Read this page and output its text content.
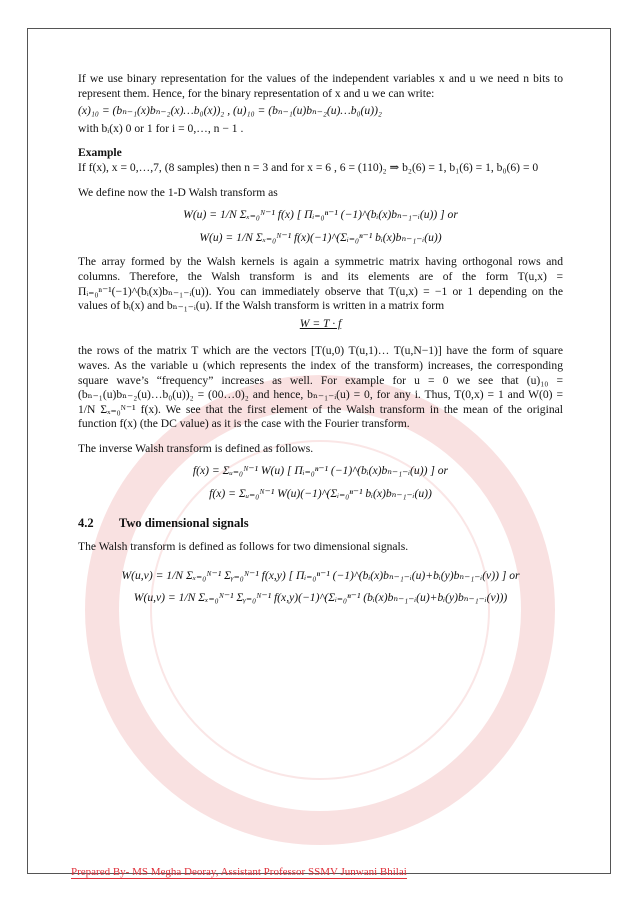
If we use binary representation for the values of the independent variables x and u we need n bits to represent them. Hence, for the binary representation of x and u we can write:

(x)₁₀ = (bₙ₋₁(x)bₙ₋₂(x)…b₀(x))₂ , (u)₁₀ = (bₙ₋₁(u)bₙ₋₂(u)…b₀(u))₂

with bᵢ(x) 0 or 1 for i = 0,…, n − 1 .

Example

If f(x), x = 0,…,7, (8 samples) then n = 3 and for x = 6 , 6 = (110)₂ ⇒ b₂(6) = 1, b₁(6) = 1, b₀(6) = 0

We define now the 1-D Walsh transform as

W(u) = 1/N Σₓ₌₀ᴺ⁻¹ f(x) [ Πᵢ₌₀ⁿ⁻¹ (−1)^(bᵢ(x)bₙ₋₁₋ᵢ(u)) ] or

W(u) = 1/N Σₓ₌₀ᴺ⁻¹ f(x)(−1)^(Σᵢ₌₀ⁿ⁻¹ bᵢ(x)bₙ₋₁₋ᵢ(u))

The array formed by the Walsh kernels is again a symmetric matrix having orthogonal rows and columns. Therefore, the Walsh transform is and its elements are of the form T(u,x) = Πᵢ₌₀ⁿ⁻¹(−1)^(bᵢ(x)bₙ₋₁₋ᵢ(u)). You can immediately observe that T(u,x) = −1 or 1 depending on the values of bᵢ(x) and bₙ₋₁₋ᵢ(u). If the Walsh transform is written in a matrix form

W = T · f

the rows of the matrix T which are the vectors [T(u,0) T(u,1)… T(u,N−1)] have the form of square waves. As the variable u (which represents the index of the transform) increases, the corresponding square wave’s “frequency” increases as well. For example for u = 0 we see that (u)₁₀ = (bₙ₋₁(u)bₙ₋₂(u)…b₀(u))₂ = (00…0)₂ and hence, bₙ₋₁₋ᵢ(u) = 0, for any i. Thus, T(0,x) = 1 and W(0) = 1/N Σₓ₌₀ᴺ⁻¹ f(x). We see that the first element of the Walsh transform in the mean of the original function f(x) (the DC value) as it is the case with the Fourier transform.

The inverse Walsh transform is defined as follows.

f(x) = Σᵤ₌₀ᴺ⁻¹ W(u) [ Πᵢ₌₀ⁿ⁻¹ (−1)^(bᵢ(x)bₙ₋₁₋ᵢ(u)) ] or

f(x) = Σᵤ₌₀ᴺ⁻¹ W(u)(−1)^(Σᵢ₌₀ⁿ⁻¹ bᵢ(x)bₙ₋₁₋ᵢ(u))

4.2 Two dimensional signals

The Walsh transform is defined as follows for two dimensional signals.

W(u,v) = 1/N Σₓ₌₀ᴺ⁻¹ Σᵧ₌₀ᴺ⁻¹ f(x,y) [ Πᵢ₌₀ⁿ⁻¹ (−1)^(bᵢ(x)bₙ₋₁₋ᵢ(u)+bᵢ(y)bₙ₋₁₋ᵢ(v)) ] or

W(u,v) = 1/N Σₓ₌₀ᴺ⁻¹ Σᵧ₌₀ᴺ⁻¹ f(x,y)(−1)^(Σᵢ₌₀ⁿ⁻¹ (bᵢ(x)bₙ₋₁₋ᵢ(u)+bᵢ(y)bₙ₋₁₋ᵢ(v)))

Prepared By- MS Megha Deoray, Assistant Professor SSMV Junwani Bhilai
